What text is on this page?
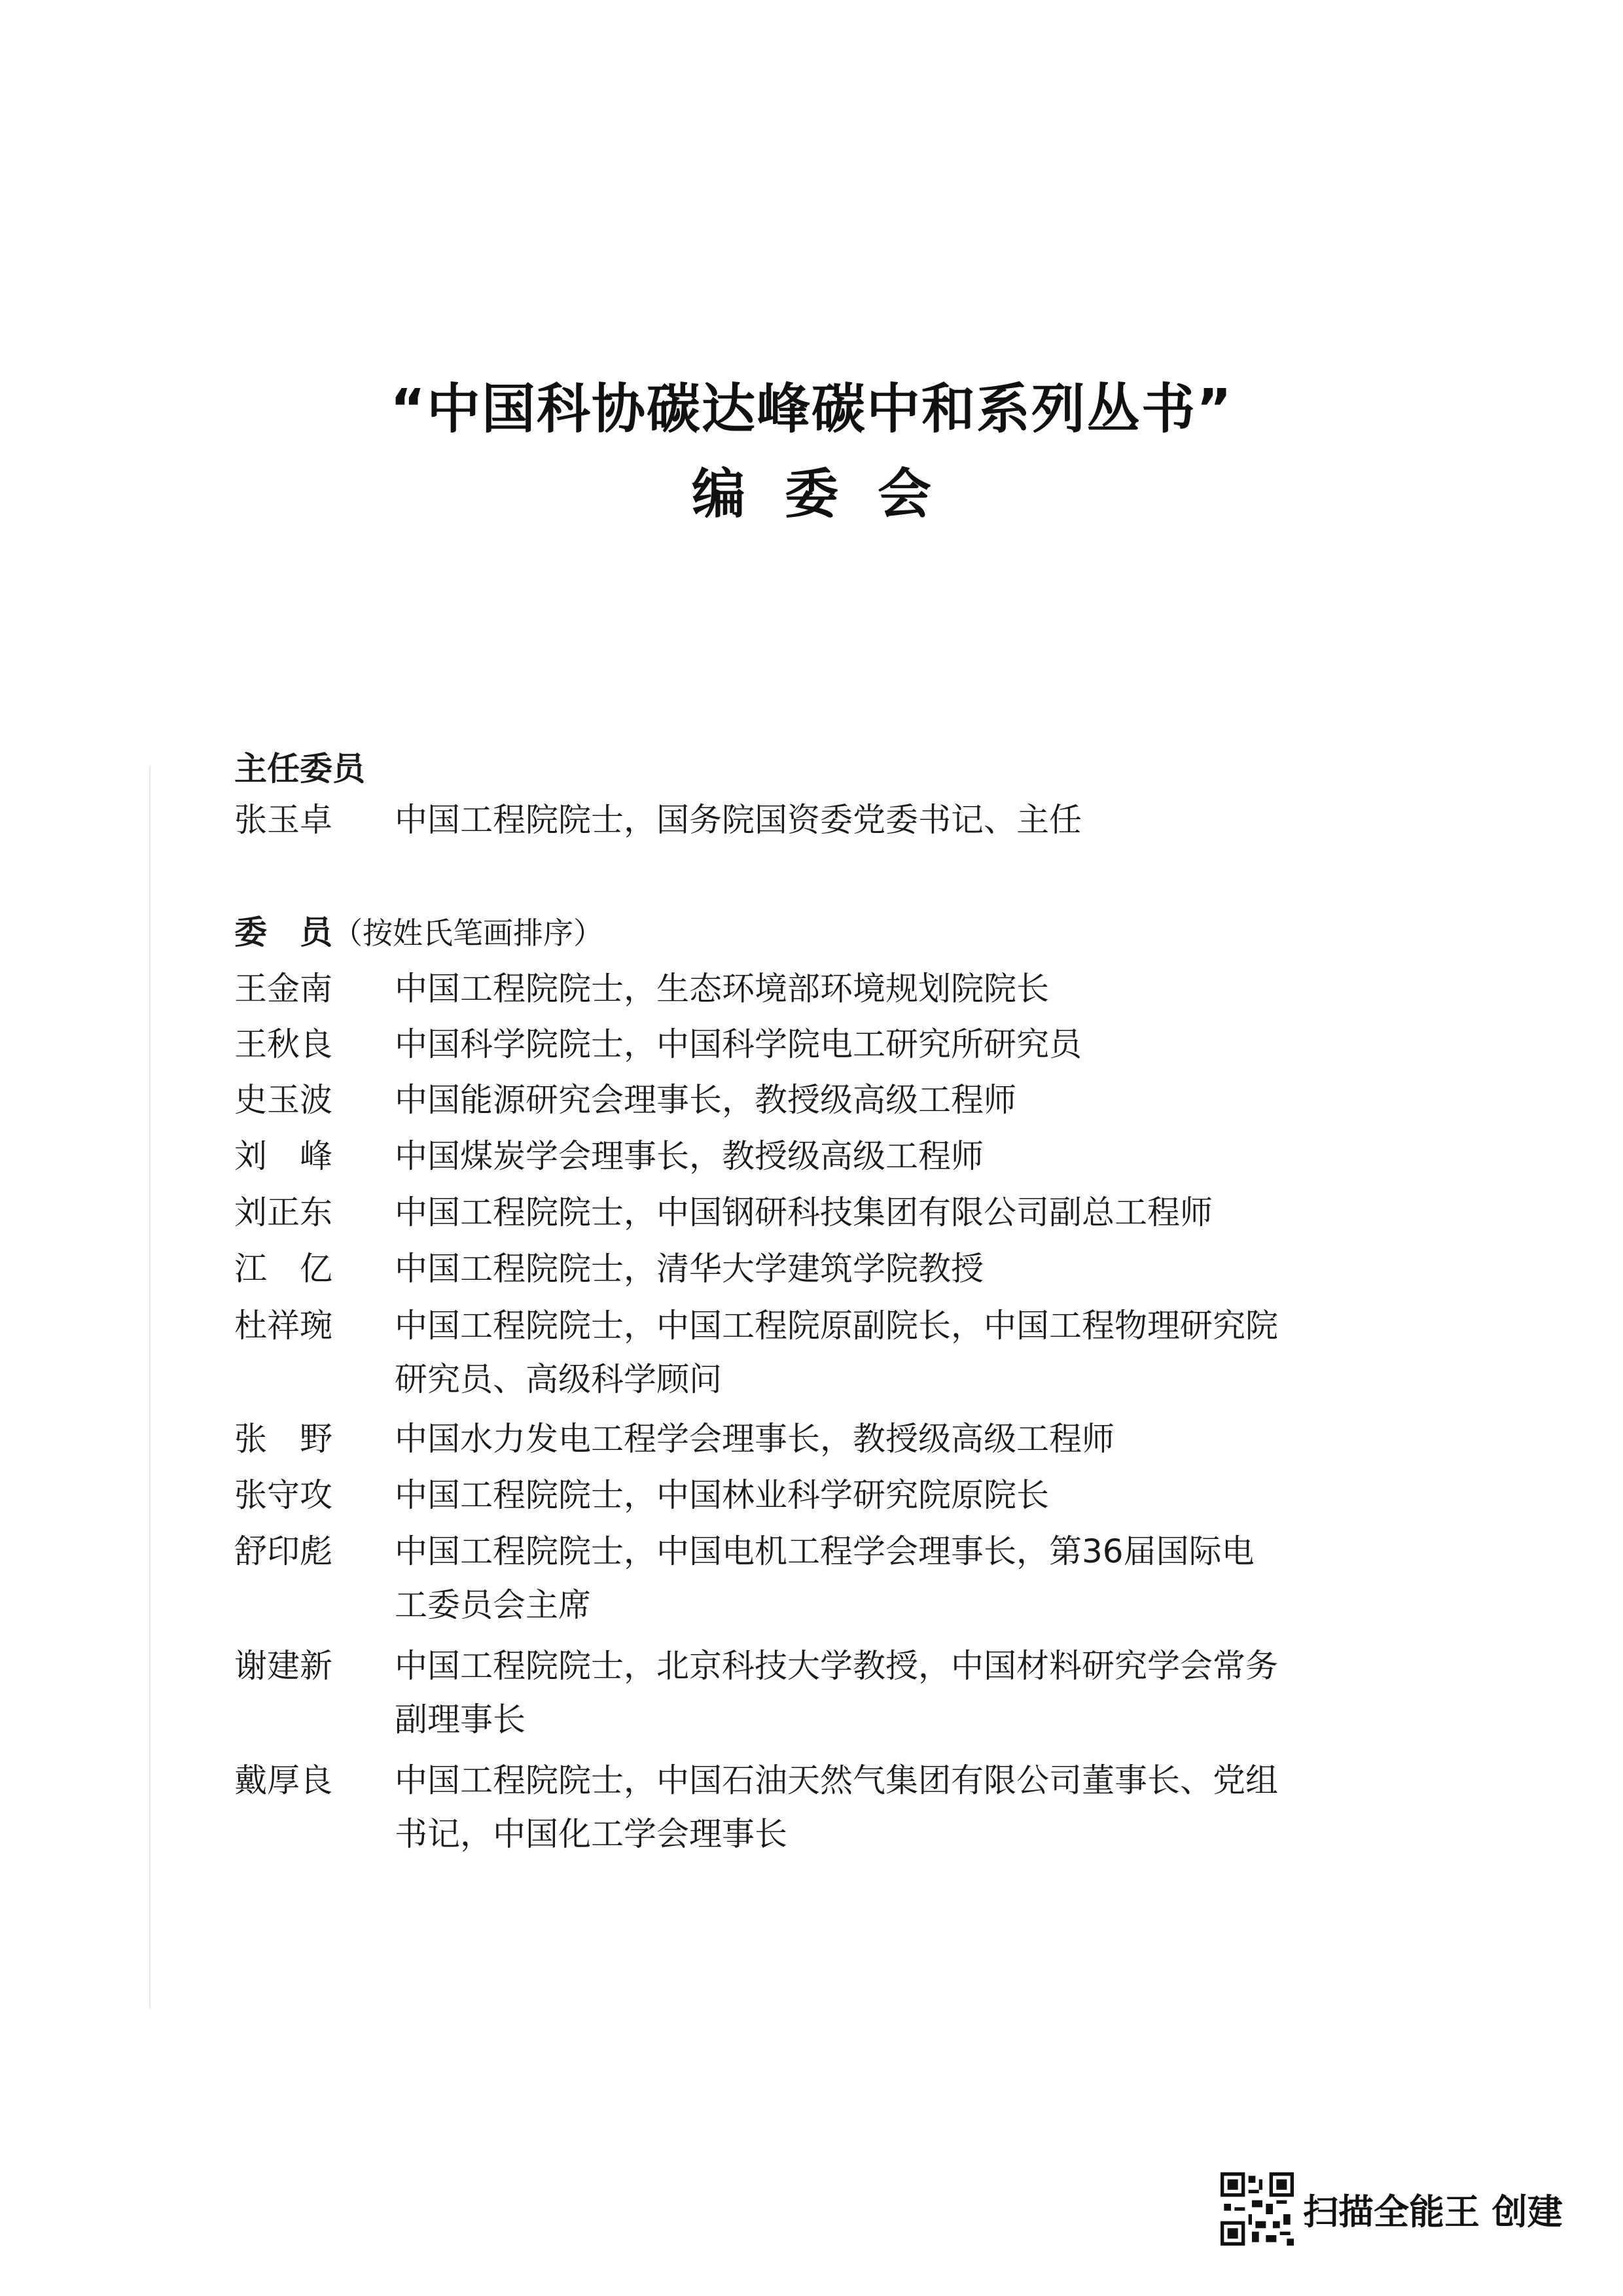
“中国科协碳达峰碳中和系列丛书”
编委会
主任委员
张玉卓	中国工程院院士，国务院国资委党委书记、主任
委　员（按姓氏笔画排序）
王金南	中国工程院院士，生态环境部环境规划院院长
王秋良	中国科学院院士，中国科学院电工研究所研究员
史玉波	中国能源研究会理事长，教授级高级工程师
刘　峰	中国煤炭学会理事长，教授级高级工程师
刘正东	中国工程院院士，中国钢研科技集团有限公司副总工程师
江　亿	中国工程院院士，清华大学建筑学院教授
杜祥琬	中国工程院院士，中国工程院原副院长，中国工程物理研究院研究员、高级科学顾问
张　野	中国水力发电工程学会理事长，教授级高级工程师
张守攻	中国工程院院士，中国林业科学研究院原院长
舒印彪	中国工程院院士，中国电机工程学会理事长，第36届国际电工委员会主席
谢建新	中国工程院院士，北京科技大学教授，中国材料研究学会常务副理事长
戴厚良	中国工程院院士，中国石油天然气集团有限公司董事长、党组书记，中国化工学会理事长
扫描全能王 创建
